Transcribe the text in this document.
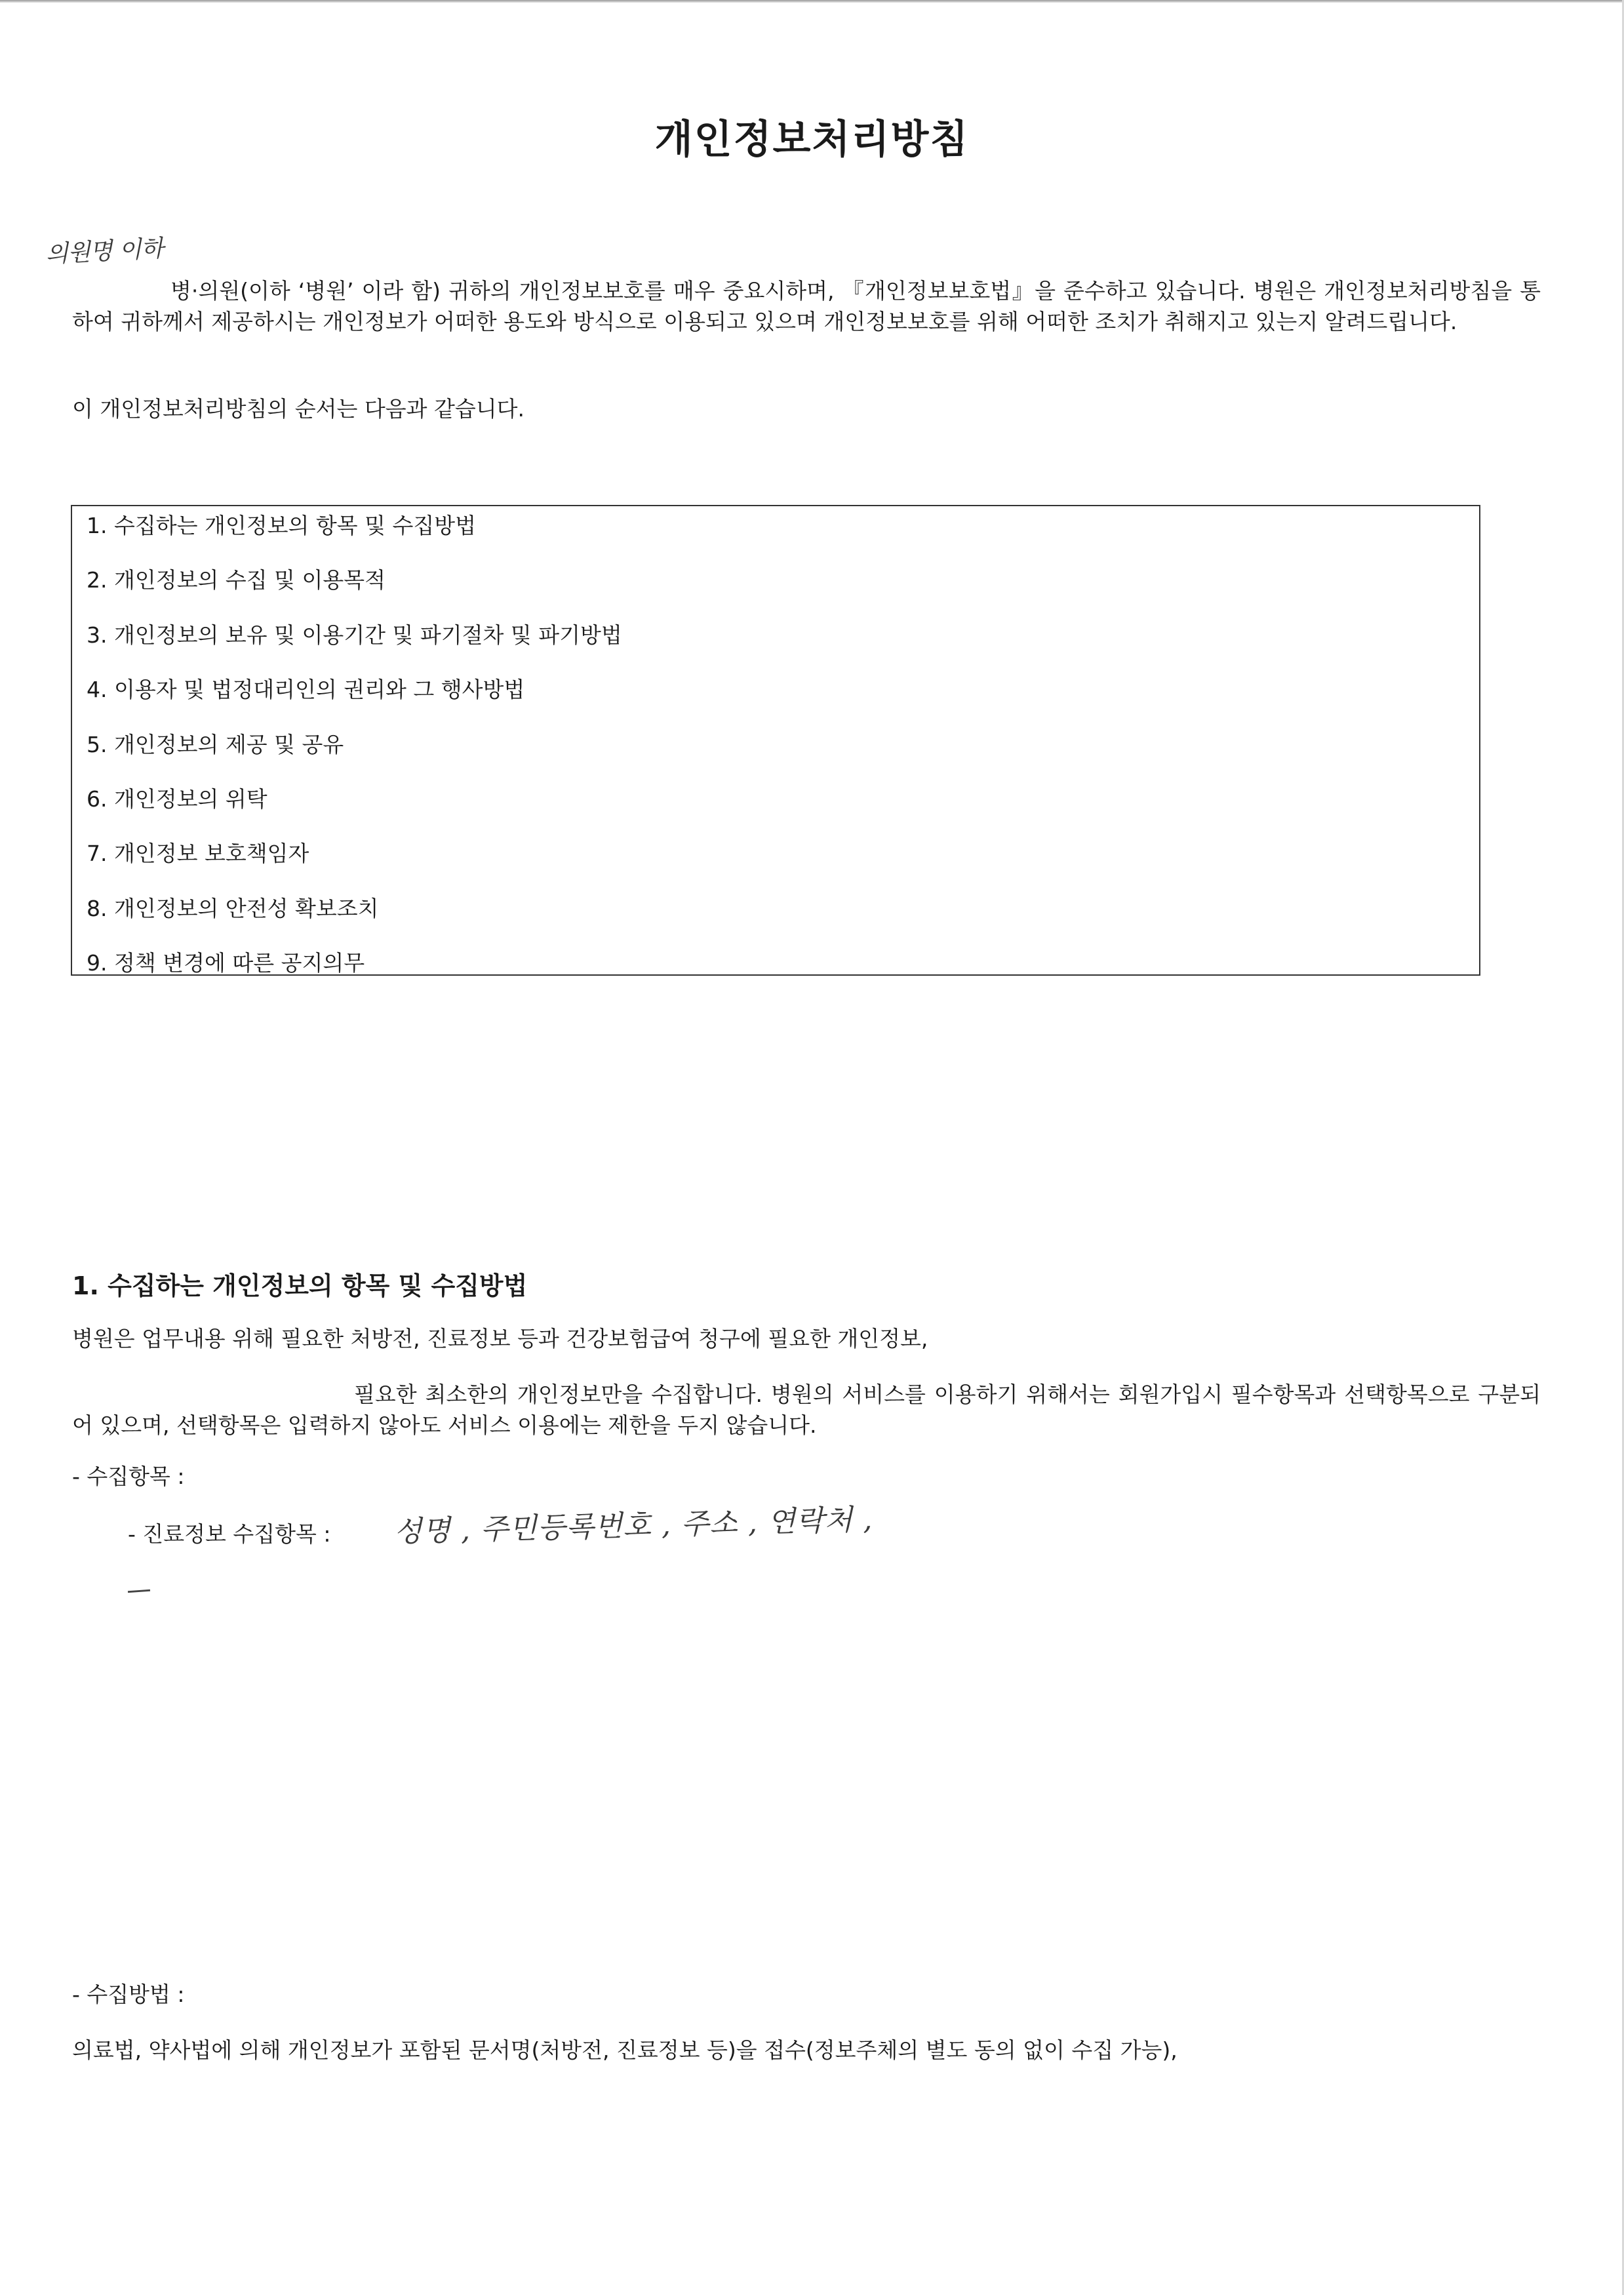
개인정보처리방침
의원명 이하

병·의원(이하 ‘병원’ 이라 함) 귀하의 개인정보보호를 매우 중요시하며, 『개인정보보호법』을 준수하고 있습니다. 병원은 개인정보처리방침을 통하여 귀하께서 제공하시는 개인정보가 어떠한 용도와 방식으로 이용되고 있으며 개인정보보호를 위해 어떠한 조치가 취해지고 있는지 알려드립니다.

이 개인정보처리방침의 순서는 다음과 같습니다.

1. 수집하는 개인정보의 항목 및 수집방법
2. 개인정보의 수집 및 이용목적
3. 개인정보의 보유 및 이용기간 및 파기절차 및 파기방법
4. 이용자 및 법정대리인의 권리와 그 행사방법
5. 개인정보의 제공 및 공유
6. 개인정보의 위탁
7. 개인정보 보호책임자
8. 개인정보의 안전성 확보조치
9. 정책 변경에 따른 공지의무
1. 수집하는 개인정보의 항목 및 수집방법

병원은 업무내용 위해 필요한 처방전, 진료정보 등과 건강보험급여 청구에 필요한 개인정보,

필요한 최소한의 개인정보만을 수집합니다. 병원의 서비스를 이용하기 위해서는 회원가입시 필수항목과 선택항목으로 구분되어 있으며, 선택항목은 입력하지 않아도 서비스 이용에는 제한을 두지 않습니다.

- 수집항목 :
- 진료정보 수집항목 : 성명 , 주민등록번호 , 주소 , 연락처 ,
- 수집방법 :
의료법, 약사법에 의해 개인정보가 포함된 문서명(처방전, 진료정보 등)을 접수(정보주체의 별도 동의 없이 수집 가능),
